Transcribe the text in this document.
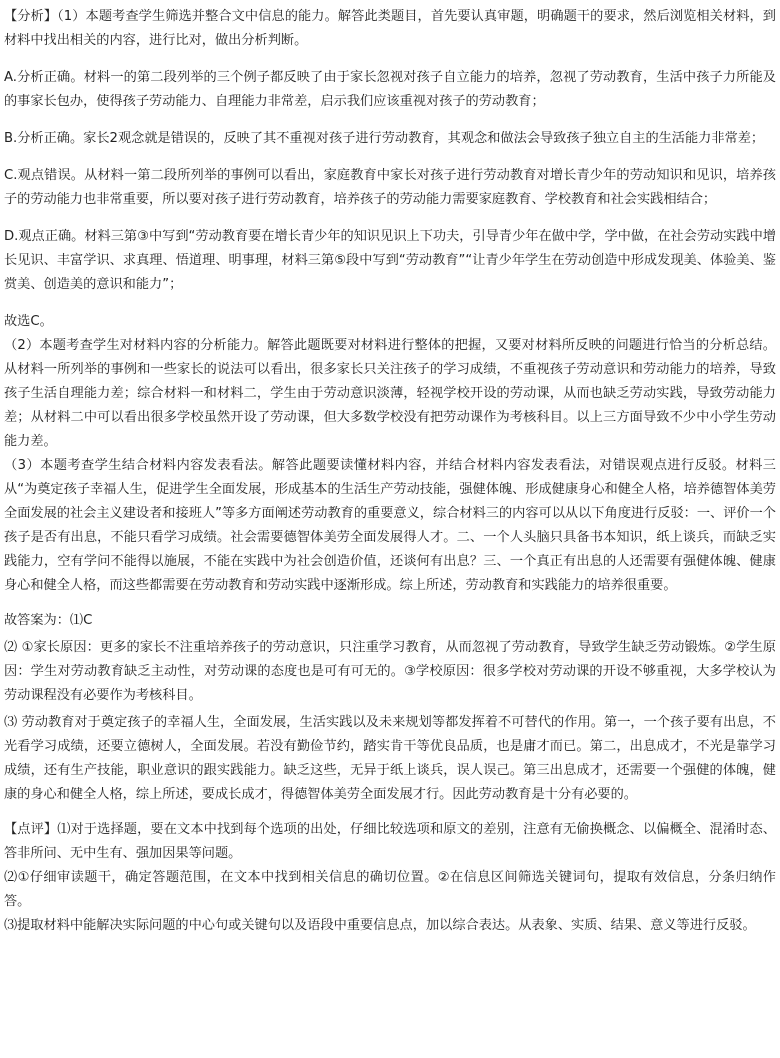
【分析】（1）本题考查学生筛选并整合文中信息的能力。解答此类题目，首先要认真审题，明确题干的要求，然后浏览相关材料，到材料中找出相关的内容，进行比对，做出分析判断。

A.分析正确。材料一的第二段列举的三个例子都反映了由于家长忽视对孩子自立能力的培养，忽视了劳动教育，生活中孩子力所能及的事家长包办，使得孩子劳动能力、自理能力非常差，启示我们应该重视对孩子的劳动教育；

B.分析正确。家长2观念就是错误的，反映了其不重视对孩子进行劳动教育，其观念和做法会导致孩子独立自主的生活能力非常差；

C.观点错误。从材料一第二段所列举的事例可以看出，家庭教育中家长对孩子进行劳动教育对增长青少年的劳动知识和见识，培养孩子的劳动能力也非常重要，所以要对孩子进行劳动教育，培养孩子的劳动能力需要家庭教育、学校教育和社会实践相结合；

D.观点正确。材料三第③中写到“劳动教育要在增长青少年的知识见识上下功夫，引导青少年在做中学，学中做，在社会劳动实践中增长见识、丰富学识、求真理、悟道理、明事理，材料三第⑤段中写到“劳动教育”“让青少年学生在劳动创造中形成发现美、体验美、鉴赏美、创造美的意识和能力”；

故选C。

（2）本题考查学生对材料内容的分析能力。解答此题既要对材料进行整体的把握，又要对材料所反映的问题进行恰当的分析总结。从材料一所列举的事例和一些家长的说法可以看出，很多家长只关注孩子的学习成绩，不重视孩子劳动意识和劳动能力的培养，导致孩子生活自理能力差；综合材料一和材料二，学生由于劳动意识淡薄，轻视学校开设的劳动课，从而也缺乏劳动实践，导致劳动能力差；从材料二中可以看出很多学校虽然开设了劳动课，但大多数学校没有把劳动课作为考核科目。以上三方面导致不少中小学生劳动能力差。

（3）本题考查学生结合材料内容发表看法。解答此题要读懂材料内容，并结合材料内容发表看法，对错误观点进行反驳。材料三从“为奠定孩子幸福人生，促进学生全面发展，形成基本的生活生产劳动技能，强健体魄、形成健康身心和健全人格，培养德智体美劳全面发展的社会主义建设者和接班人”等多方面阐述劳动教育的重要意义，综合材料三的内容可以从以下角度进行反驳：一、评价一个孩子是否有出息，不能只看学习成绩。社会需要德智体美劳全面发展得人才。二、一个人头脑只具备书本知识，纸上谈兵，而缺乏实践能力，空有学问不能得以施展，不能在实践中为社会创造价值，还谈何有出息？三、一个真正有出息的人还需要有强健体魄、健康身心和健全人格，而这些都需要在劳动教育和劳动实践中逐渐形成。综上所述，劳动教育和实践能力的培养很重要。

故答案为：⑴C

⑵ ①家长原因：更多的家长不注重培养孩子的劳动意识，只注重学习教育，从而忽视了劳动教育，导致学生缺乏劳动锻炼。②学生原因：学生对劳动教育缺乏主动性，对劳动课的态度也是可有可无的。③学校原因：很多学校对劳动课的开设不够重视，大多学校认为劳动课程没有必要作为考核科目。

⑶ 劳动教育对于奠定孩子的幸福人生，全面发展，生活实践以及未来规划等都发挥着不可替代的作用。第一，一个孩子要有出息，不光看学习成绩，还要立德树人，全面发展。若没有勤俭节约，踏实肯干等优良品质，也是庸才而已。第二，出息成才，不光是靠学习成绩，还有生产技能，职业意识的跟实践能力。缺乏这些，无异于纸上谈兵，误人误己。第三出息成才，还需要一个强健的体魄，健康的身心和健全人格，综上所述，要成长成才，得德智体美劳全面发展才行。因此劳动教育是十分有必要的。

【点评】⑴对于选择题，要在文本中找到每个选项的出处，仔细比较选项和原文的差别，注意有无偷换概念、以偏概全、混淆时态、答非所问、无中生有、强加因果等问题。

⑵①仔细审读题干，确定答题范围，在文本中找到相关信息的确切位置。②在信息区间筛选关键词句，提取有效信息，分条归纳作答。

⑶提取材料中能解决实际问题的中心句或关键句以及语段中重要信息点，加以综合表达。从表象、实质、结果、意义等进行反驳。
